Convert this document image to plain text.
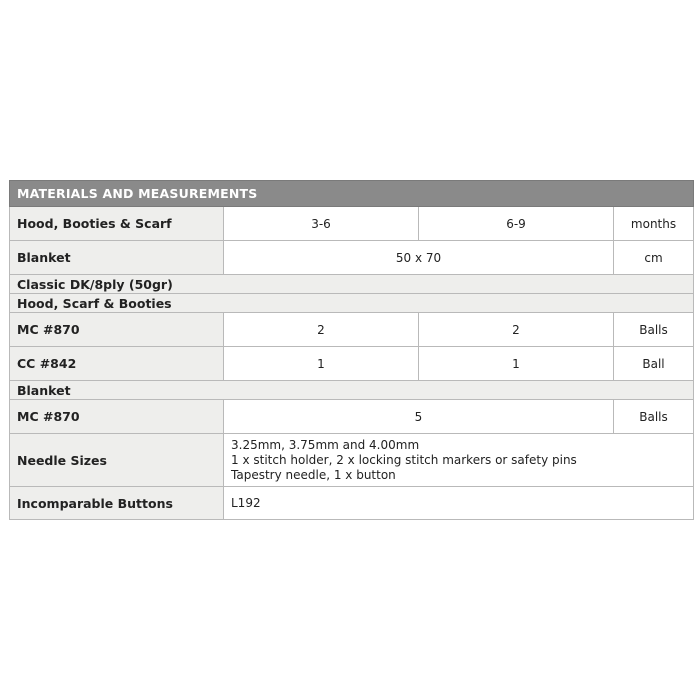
MATERIALS AND MEASUREMENTS			
Hood, Booties & Scarf	3-6	6-9	months
Blanket	50 x 70		cm
Classic DK/8ply (50gr)			
Hood, Scarf & Booties			
MC #870	2	2	Balls
CC #842	1	1	Ball
Blanket			
MC #870	5		Balls
Needle Sizes	3.25mm, 3.75mm and 4.00mm
1 x stitch holder, 2 x locking stitch markers or safety pins
Tapestry needle, 1 x button		

Incomparable Buttons	L192		
